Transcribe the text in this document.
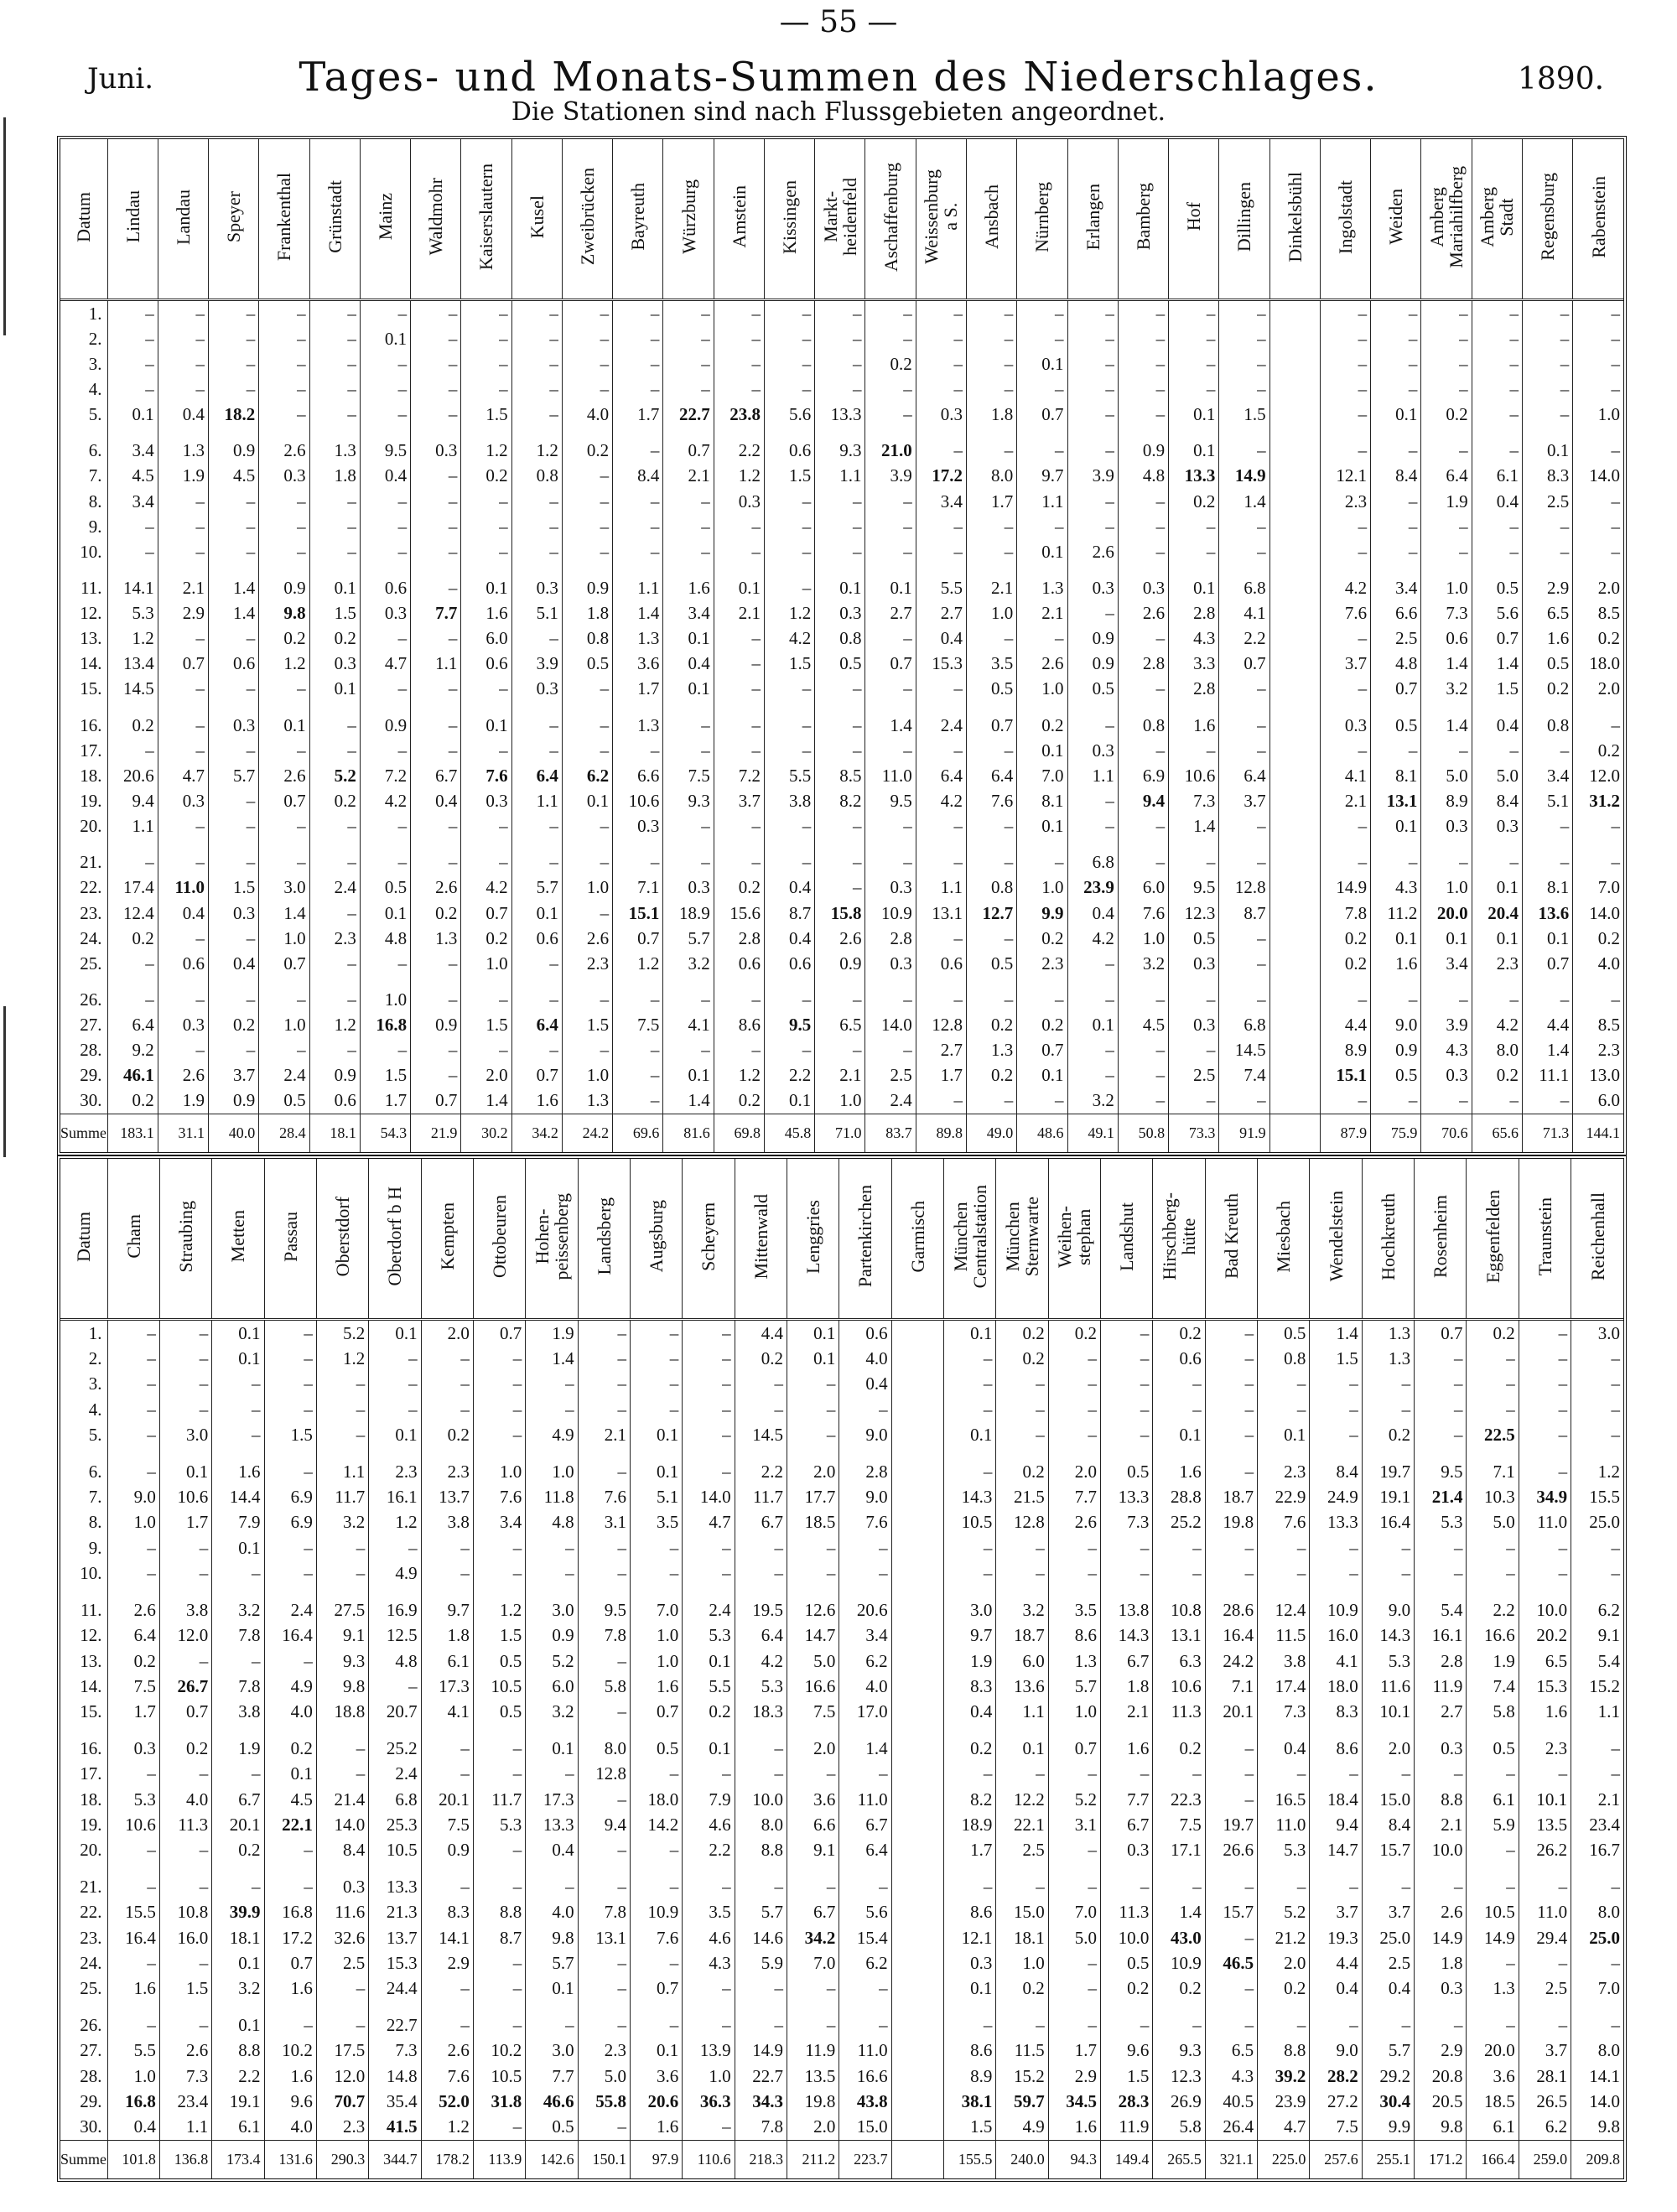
— 55 —
Juni.	Tages- und Monats-Summen des Niederschlages.
Die Stationen sind nach Flussgebieten angeordnet.
1890.
Datum	Lindau	Landau	Speyer	Frankenthal	Grünstadt	Mainz	Waldmohr	Kaiserslautern	Kusel	Zweibrücken	Bayreuth	Würzburg	Amstein	Kissingen	Markt-
heidenfeld	Aschaffenburg	Weissenburg
a S.	Ansbach	Nürnberg	Erlangen	Bamberg	Hof	Dillingen	Dinkelsbühl	Ingolstadt	Weiden	Amberg
Mariahilfberg	Amberg
Stadt	Regensburg	Rabenstein
1.	–	–	–	–	–	–	–	–	–	–	–	–	–	–	–	–	–	–	–	–	–	–	–		–	–	–	–	–	–
2.	–	–	–	–	–	0.1	–	–	–	–	–	–	–	–	–	–	–	–	–	–	–	–	–		–	–	–	–	–	–
3.	–	–	–	–	–	–	–	–	–	–	–	–	–	–	–	0.2	–	–	0.1	–	–	–	–		–	–	–	–	–	–
4.	–	–	–	–	–	–	–	–	–	–	–	–	–	–	–	–	–	–	–	–	–	–	–		–	–	–	–	–	–
5.	0.1	0.4	18.2	–	–	–	–	1.5	–	4.0	1.7	22.7	23.8	5.6	13.3	–	0.3	1.8	0.7	–	–	0.1	1.5		–	0.1	0.2	–	–	1.0

6.	3.4	1.3	0.9	2.6	1.3	9.5	0.3	1.2	1.2	0.2	–	0.7	2.2	0.6	9.3	21.0	–	–	–	–	0.9	0.1	–		–	–	–	–	0.1	–
7.	4.5	1.9	4.5	0.3	1.8	0.4	–	0.2	0.8	–	8.4	2.1	1.2	1.5	1.1	3.9	17.2	8.0	9.7	3.9	4.8	13.3	14.9		12.1	8.4	6.4	6.1	8.3	14.0
8.	3.4	–	–	–	–	–	–	–	–	–	–	–	0.3	–	–	–	3.4	1.7	1.1	–	–	0.2	1.4		2.3	–	1.9	0.4	2.5	–
9.	–	–	–	–	–	–	–	–	–	–	–	–	–	–	–	–	–	–	–	–	–	–	–		–	–	–	–	–	–
10.	–	–	–	–	–	–	–	–	–	–	–	–	–	–	–	–	–	–	0.1	2.6	–	–	–		–	–	–	–	–	–

11.	14.1	2.1	1.4	0.9	0.1	0.6	–	0.1	0.3	0.9	1.1	1.6	0.1	–	0.1	0.1	5.5	2.1	1.3	0.3	0.3	0.1	6.8		4.2	3.4	1.0	0.5	2.9	2.0
12.	5.3	2.9	1.4	9.8	1.5	0.3	7.7	1.6	5.1	1.8	1.4	3.4	2.1	1.2	0.3	2.7	2.7	1.0	2.1	–	2.6	2.8	4.1		7.6	6.6	7.3	5.6	6.5	8.5
13.	1.2	–	–	0.2	0.2	–	–	6.0	–	0.8	1.3	0.1	–	4.2	0.8	–	0.4	–	–	0.9	–	4.3	2.2		–	2.5	0.6	0.7	1.6	0.2
14.	13.4	0.7	0.6	1.2	0.3	4.7	1.1	0.6	3.9	0.5	3.6	0.4	–	1.5	0.5	0.7	15.3	3.5	2.6	0.9	2.8	3.3	0.7		3.7	4.8	1.4	1.4	0.5	18.0
15.	14.5	–	–	–	0.1	–	–	–	0.3	–	1.7	0.1	–	–	–	–	–	0.5	1.0	0.5	–	2.8	–		–	0.7	3.2	1.5	0.2	2.0

16.	0.2	–	0.3	0.1	–	0.9	–	0.1	–	–	1.3	–	–	–	–	1.4	2.4	0.7	0.2	–	0.8	1.6	–		0.3	0.5	1.4	0.4	0.8	–
17.	–	–	–	–	–	–	–	–	–	–	–	–	–	–	–	–	–	–	0.1	0.3	–	–	–		–	–	–	–	–	0.2
18.	20.6	4.7	5.7	2.6	5.2	7.2	6.7	7.6	6.4	6.2	6.6	7.5	7.2	5.5	8.5	11.0	6.4	6.4	7.0	1.1	6.9	10.6	6.4		4.1	8.1	5.0	5.0	3.4	12.0
19.	9.4	0.3	–	0.7	0.2	4.2	0.4	0.3	1.1	0.1	10.6	9.3	3.7	3.8	8.2	9.5	4.2	7.6	8.1	–	9.4	7.3	3.7		2.1	13.1	8.9	8.4	5.1	31.2
20.	1.1	–	–	–	–	–	–	–	–	–	0.3	–	–	–	–	–	–	–	0.1	–	–	1.4	–		–	0.1	0.3	0.3	–	–

21.	–	–	–	–	–	–	–	–	–	–	–	–	–	–	–	–	–	–	–	6.8	–	–	–		–	–	–	–	–	–
22.	17.4	11.0	1.5	3.0	2.4	0.5	2.6	4.2	5.7	1.0	7.1	0.3	0.2	0.4	–	0.3	1.1	0.8	1.0	23.9	6.0	9.5	12.8		14.9	4.3	1.0	0.1	8.1	7.0
23.	12.4	0.4	0.3	1.4	–	0.1	0.2	0.7	0.1	–	15.1	18.9	15.6	8.7	15.8	10.9	13.1	12.7	9.9	0.4	7.6	12.3	8.7		7.8	11.2	20.0	20.4	13.6	14.0
24.	0.2	–	–	1.0	2.3	4.8	1.3	0.2	0.6	2.6	0.7	5.7	2.8	0.4	2.6	2.8	–	–	0.2	4.2	1.0	0.5	–		0.2	0.1	0.1	0.1	0.1	0.2
25.	–	0.6	0.4	0.7	–	–	–	1.0	–	2.3	1.2	3.2	0.6	0.6	0.9	0.3	0.6	0.5	2.3	–	3.2	0.3	–		0.2	1.6	3.4	2.3	0.7	4.0

26.	–	–	–	–	–	1.0	–	–	–	–	–	–	–	–	–	–	–	–	–	–	–	–	–		–	–	–	–	–	–
27.	6.4	0.3	0.2	1.0	1.2	16.8	0.9	1.5	6.4	1.5	7.5	4.1	8.6	9.5	6.5	14.0	12.8	0.2	0.2	0.1	4.5	0.3	6.8		4.4	9.0	3.9	4.2	4.4	8.5
28.	9.2	–	–	–	–	–	–	–	–	–	–	–	–	–	–	–	2.7	1.3	0.7	–	–	–	14.5		8.9	0.9	4.3	8.0	1.4	2.3
29.	46.1	2.6	3.7	2.4	0.9	1.5	–	2.0	0.7	1.0	–	0.1	1.2	2.2	2.1	2.5	1.7	0.2	0.1	–	–	2.5	7.4		15.1	0.5	0.3	0.2	11.1	13.0
30.	0.2	1.9	0.9	0.5	0.6	1.7	0.7	1.4	1.6	1.3	–	1.4	0.2	0.1	1.0	2.4	–	–	–	3.2	–	–	–		–	–	–	–	–	6.0
Summe	183.1	31.1	40.0	28.4	18.1	54.3	21.9	30.2	34.2	24.2	69.6	81.6	69.8	45.8	71.0	83.7	89.8	49.0	48.6	49.1	50.8	73.3	91.9		87.9	75.9	70.6	65.6	71.3	144.1
Datum	Cham	Straubing	Metten	Passau	Oberstdorf	Oberdorf b H	Kempten	Ottobeuren	Hohen-
peissenberg	Landsberg	Augsburg	Scheyern	Mittenwald	Lenggries	Partenkirchen	Garmisch	München
Centralstation	München
Sternwarte	Weihen-
stephan	Landshut	Hirschberg-
hütte	Bad Kreuth	Miesbach	Wendelstein	Hochkreuth	Rosenheim	Eggenfelden	Traunstein	Reichenhall
1.	–	–	0.1	–	5.2	0.1	2.0	0.7	1.9	–	–	–	4.4	0.1	0.6		0.1	0.2	0.2	–	0.2	–	0.5	1.4	1.3	0.7	0.2	–	3.0
2.	–	–	0.1	–	1.2	–	–	–	1.4	–	–	–	0.2	0.1	4.0		–	0.2	–	–	0.6	–	0.8	1.5	1.3	–	–	–	–
3.	–	–	–	–	–	–	–	–	–	–	–	–	–	–	0.4		–	–	–	–	–	–	–	–	–	–	–	–	–
4.	–	–	–	–	–	–	–	–	–	–	–	–	–	–	–		–	–	–	–	–	–	–	–	–	–	–	–	–
5.	–	3.0	–	1.5	–	0.1	0.2	–	4.9	2.1	0.1	–	14.5	–	9.0		0.1	–	–	–	0.1	–	0.1	–	0.2	–	22.5	–	–

6.	–	0.1	1.6	–	1.1	2.3	2.3	1.0	1.0	–	0.1	–	2.2	2.0	2.8		–	0.2	2.0	0.5	1.6	–	2.3	8.4	19.7	9.5	7.1	–	1.2
7.	9.0	10.6	14.4	6.9	11.7	16.1	13.7	7.6	11.8	7.6	5.1	14.0	11.7	17.7	9.0		14.3	21.5	7.7	13.3	28.8	18.7	22.9	24.9	19.1	21.4	10.3	34.9	15.5
8.	1.0	1.7	7.9	6.9	3.2	1.2	3.8	3.4	4.8	3.1	3.5	4.7	6.7	18.5	7.6		10.5	12.8	2.6	7.3	25.2	19.8	7.6	13.3	16.4	5.3	5.0	11.0	25.0
9.	–	–	0.1	–	–	–	–	–	–	–	–	–	–	–	–		–	–	–	–	–	–	–	–	–	–	–	–	–
10.	–	–	–	–	–	4.9	–	–	–	–	–	–	–	–	–		–	–	–	–	–	–	–	–	–	–	–	–	–

11.	2.6	3.8	3.2	2.4	27.5	16.9	9.7	1.2	3.0	9.5	7.0	2.4	19.5	12.6	20.6		3.0	3.2	3.5	13.8	10.8	28.6	12.4	10.9	9.0	5.4	2.2	10.0	6.2
12.	6.4	12.0	7.8	16.4	9.1	12.5	1.8	1.5	0.9	7.8	1.0	5.3	6.4	14.7	3.4		9.7	18.7	8.6	14.3	13.1	16.4	11.5	16.0	14.3	16.1	16.6	20.2	9.1
13.	0.2	–	–	–	9.3	4.8	6.1	0.5	5.2	–	1.0	0.1	4.2	5.0	6.2		1.9	6.0	1.3	6.7	6.3	24.2	3.8	4.1	5.3	2.8	1.9	6.5	5.4
14.	7.5	26.7	7.8	4.9	9.8	–	17.3	10.5	6.0	5.8	1.6	5.5	5.3	16.6	4.0		8.3	13.6	5.7	1.8	10.6	7.1	17.4	18.0	11.6	11.9	7.4	15.3	15.2
15.	1.7	0.7	3.8	4.0	18.8	20.7	4.1	0.5	3.2	–	0.7	0.2	18.3	7.5	17.0		0.4	1.1	1.0	2.1	11.3	20.1	7.3	8.3	10.1	2.7	5.8	1.6	1.1

16.	0.3	0.2	1.9	0.2	–	25.2	–	–	0.1	8.0	0.5	0.1	–	2.0	1.4		0.2	0.1	0.7	1.6	0.2	–	0.4	8.6	2.0	0.3	0.5	2.3	–
17.	–	–	–	0.1	–	2.4	–	–	–	12.8	–	–	–	–	–		–	–	–	–	–	–	–	–	–	–	–	–	–
18.	5.3	4.0	6.7	4.5	21.4	6.8	20.1	11.7	17.3	–	18.0	7.9	10.0	3.6	11.0		8.2	12.2	5.2	7.7	22.3	–	16.5	18.4	15.0	8.8	6.1	10.1	2.1
19.	10.6	11.3	20.1	22.1	14.0	25.3	7.5	5.3	13.3	9.4	14.2	4.6	8.0	6.6	6.7		18.9	22.1	3.1	6.7	7.5	19.7	11.0	9.4	8.4	2.1	5.9	13.5	23.4
20.	–	–	0.2	–	8.4	10.5	0.9	–	0.4	–	–	2.2	8.8	9.1	6.4		1.7	2.5	–	0.3	17.1	26.6	5.3	14.7	15.7	10.0	–	26.2	16.7

21.	–	–	–	–	0.3	13.3	–	–	–	–	–	–	–	–	–		–	–	–	–	–	–	–	–	–	–	–	–	–
22.	15.5	10.8	39.9	16.8	11.6	21.3	8.3	8.8	4.0	7.8	10.9	3.5	5.7	6.7	5.6		8.6	15.0	7.0	11.3	1.4	15.7	5.2	3.7	3.7	2.6	10.5	11.0	8.0
23.	16.4	16.0	18.1	17.2	32.6	13.7	14.1	8.7	9.8	13.1	7.6	4.6	14.6	34.2	15.4		12.1	18.1	5.0	10.0	43.0	–	21.2	19.3	25.0	14.9	14.9	29.4	25.0
24.	–	–	0.1	0.7	2.5	15.3	2.9	–	5.7	–	–	4.3	5.9	7.0	6.2		0.3	1.0	–	0.5	10.9	46.5	2.0	4.4	2.5	1.8	–	–	–
25.	1.6	1.5	3.2	1.6	–	24.4	–	–	0.1	–	0.7	–	–	–	–		0.1	0.2	–	0.2	0.2	–	0.2	0.4	0.4	0.3	1.3	2.5	7.0

26.	–	–	0.1	–	–	22.7	–	–	–	–	–	–	–	–	–		–	–	–	–	–	–	–	–	–	–	–	–	–
27.	5.5	2.6	8.8	10.2	17.5	7.3	2.6	10.2	3.0	2.3	0.1	13.9	14.9	11.9	11.0		8.6	11.5	1.7	9.6	9.3	6.5	8.8	9.0	5.7	2.9	20.0	3.7	8.0
28.	1.0	7.3	2.2	1.6	12.0	14.8	7.6	10.5	7.7	5.0	3.6	1.0	22.7	13.5	16.6		8.9	15.2	2.9	1.5	12.3	4.3	39.2	28.2	29.2	20.8	3.6	28.1	14.1
29.	16.8	23.4	19.1	9.6	70.7	35.4	52.0	31.8	46.6	55.8	20.6	36.3	34.3	19.8	43.8		38.1	59.7	34.5	28.3	26.9	40.5	23.9	27.2	30.4	20.5	18.5	26.5	14.0
30.	0.4	1.1	6.1	4.0	2.3	41.5	1.2	–	0.5	–	1.6	–	7.8	2.0	15.0		1.5	4.9	1.6	11.9	5.8	26.4	4.7	7.5	9.9	9.8	6.1	6.2	9.8
Summe	101.8	136.8	173.4	131.6	290.3	344.7	178.2	113.9	142.6	150.1	97.9	110.6	218.3	211.2	223.7		155.5	240.0	94.3	149.4	265.5	321.1	225.0	257.6	255.1	171.2	166.4	259.0	209.8
